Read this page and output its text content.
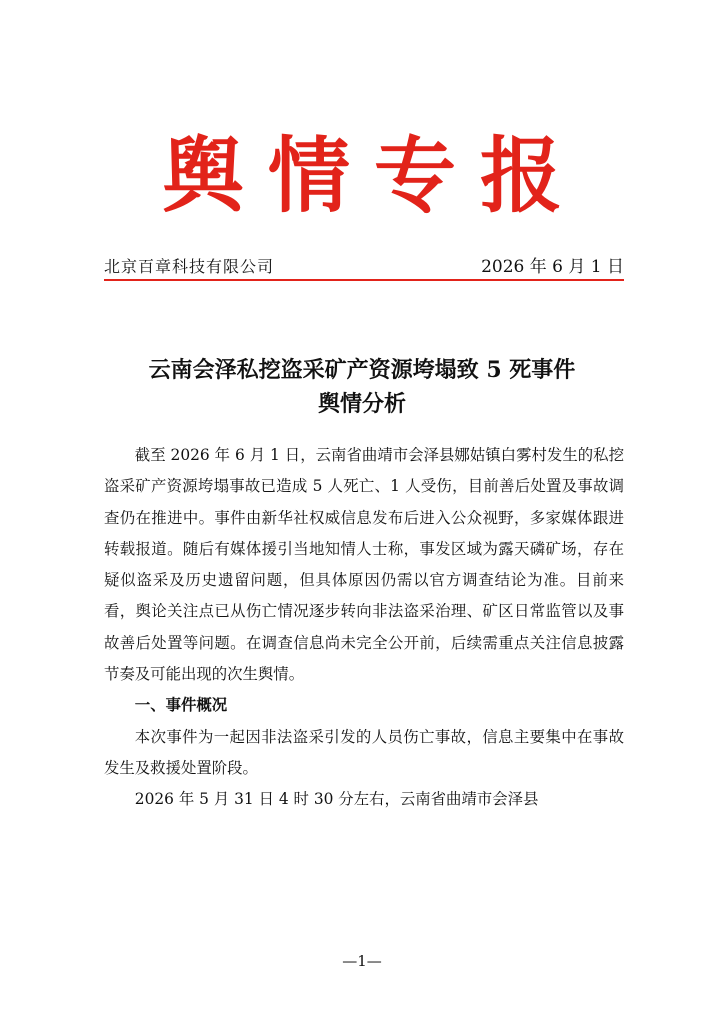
舆情专报
北京百章科技有限公司	2026 年 6 月 1 日
云南会泽私挖盗采矿产资源垮塌致 5 死事件
舆情分析

截至 2026 年 6 月 1 日，云南省曲靖市会泽县娜姑镇白雾村发生的私挖盗采矿产资源垮塌事故已造成 5 人死亡、1 人受伤，目前善后处置及事故调查仍在推进中。事件由新华社权威信息发布后进入公众视野，多家媒体跟进转载报道。随后有媒体援引当地知情人士称，事发区域为露天磷矿场，存在疑似盗采及历史遗留问题，但具体原因仍需以官方调查结论为准。目前来看，舆论关注点已从伤亡情况逐步转向非法盗采治理、矿区日常监管以及事故善后处置等问题。在调查信息尚未完全公开前，后续需重点关注信息披露节奏及可能出现的次生舆情。

一、事件概况

本次事件为一起因非法盗采引发的人员伤亡事故，信息主要集中在事故发生及救援处置阶段。

2026 年 5 月 31 日 4 时 30 分左右，云南省曲靖市会泽县

—1—
